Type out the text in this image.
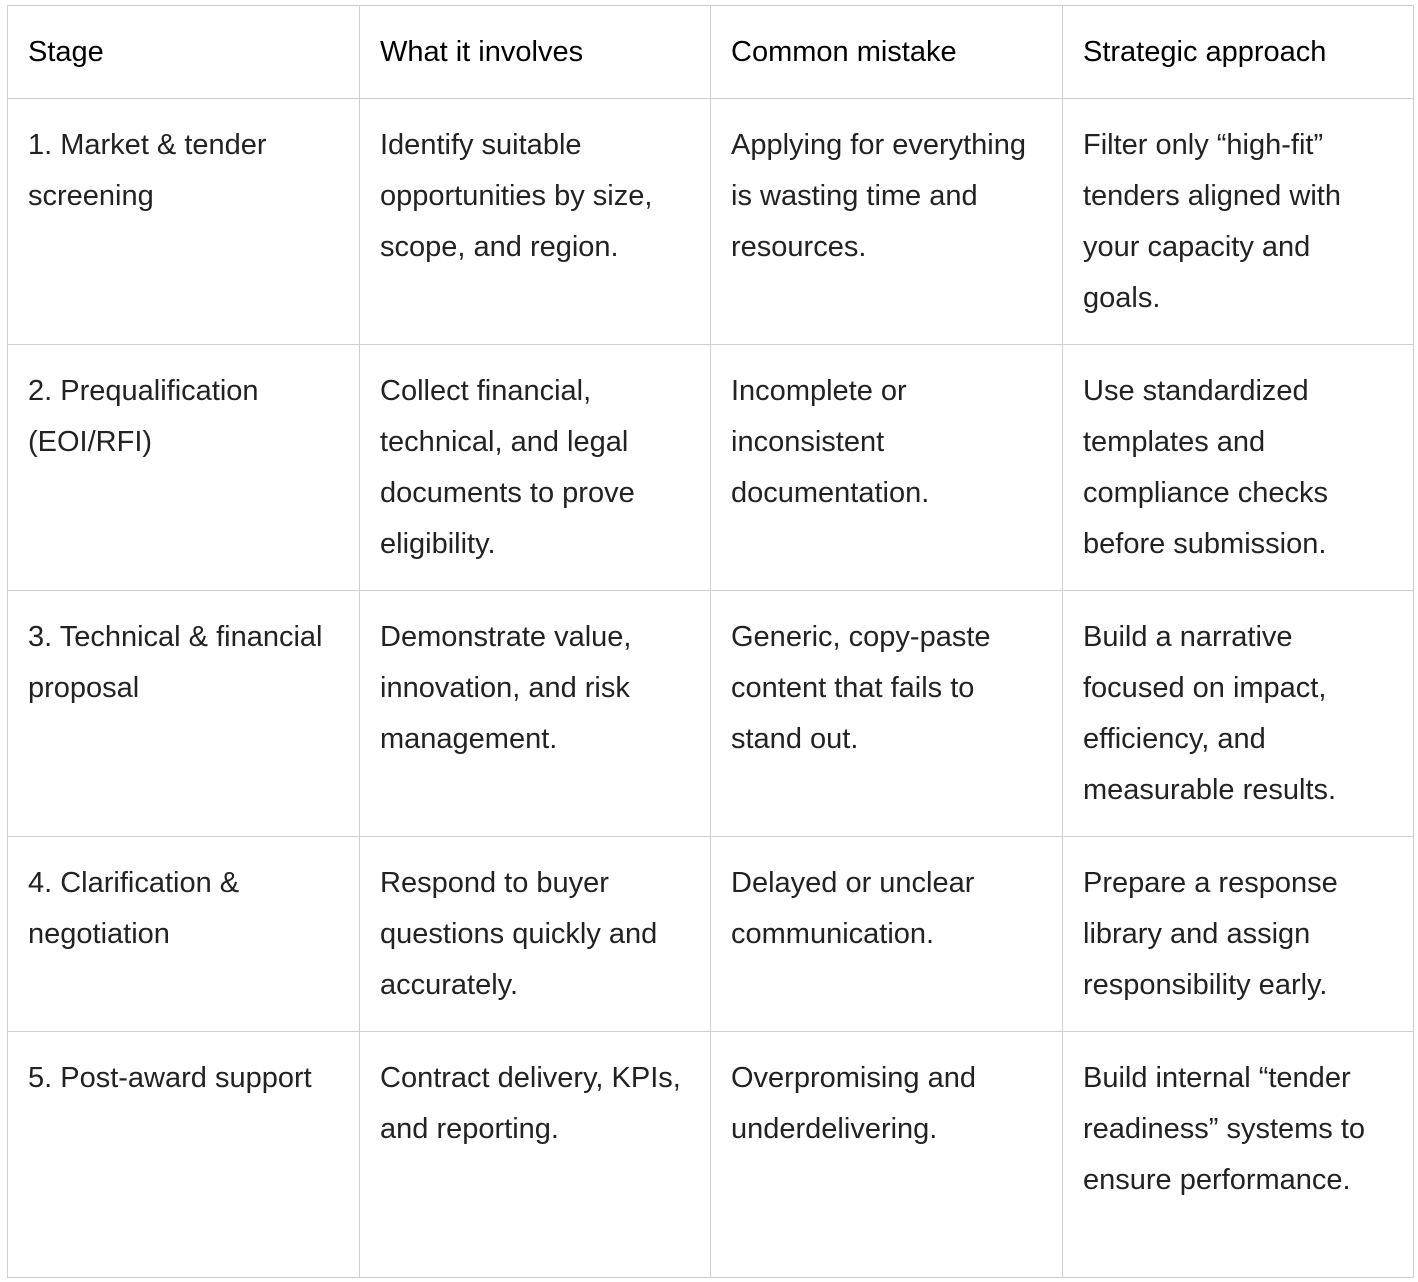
Stage	What it involves	Common mistake	Strategic approach
1. Market & tender screening	Identify suitable opportunities by size, scope, and region.	Applying for everything is wasting time and resources.	Filter only “high-fit” tenders aligned with your capacity and goals.
2. Prequalification (EOI/RFI)	Collect financial, technical, and legal documents to prove eligibility.	Incomplete or inconsistent documentation.	Use standardized templates and compliance checks before submission.
3. Technical & financial proposal	Demonstrate value, innovation, and risk management.	Generic, copy-paste content that fails to stand out.	Build a narrative focused on impact, efficiency, and measurable results.
4. Clarification & negotiation	Respond to buyer questions quickly and accurately.	Delayed or unclear communication.	Prepare a response library and assign responsibility early.
5. Post-award support	Contract delivery, KPIs, and reporting.	Overpromising and underdelivering.	Build internal “tender readiness” systems to ensure performance.
